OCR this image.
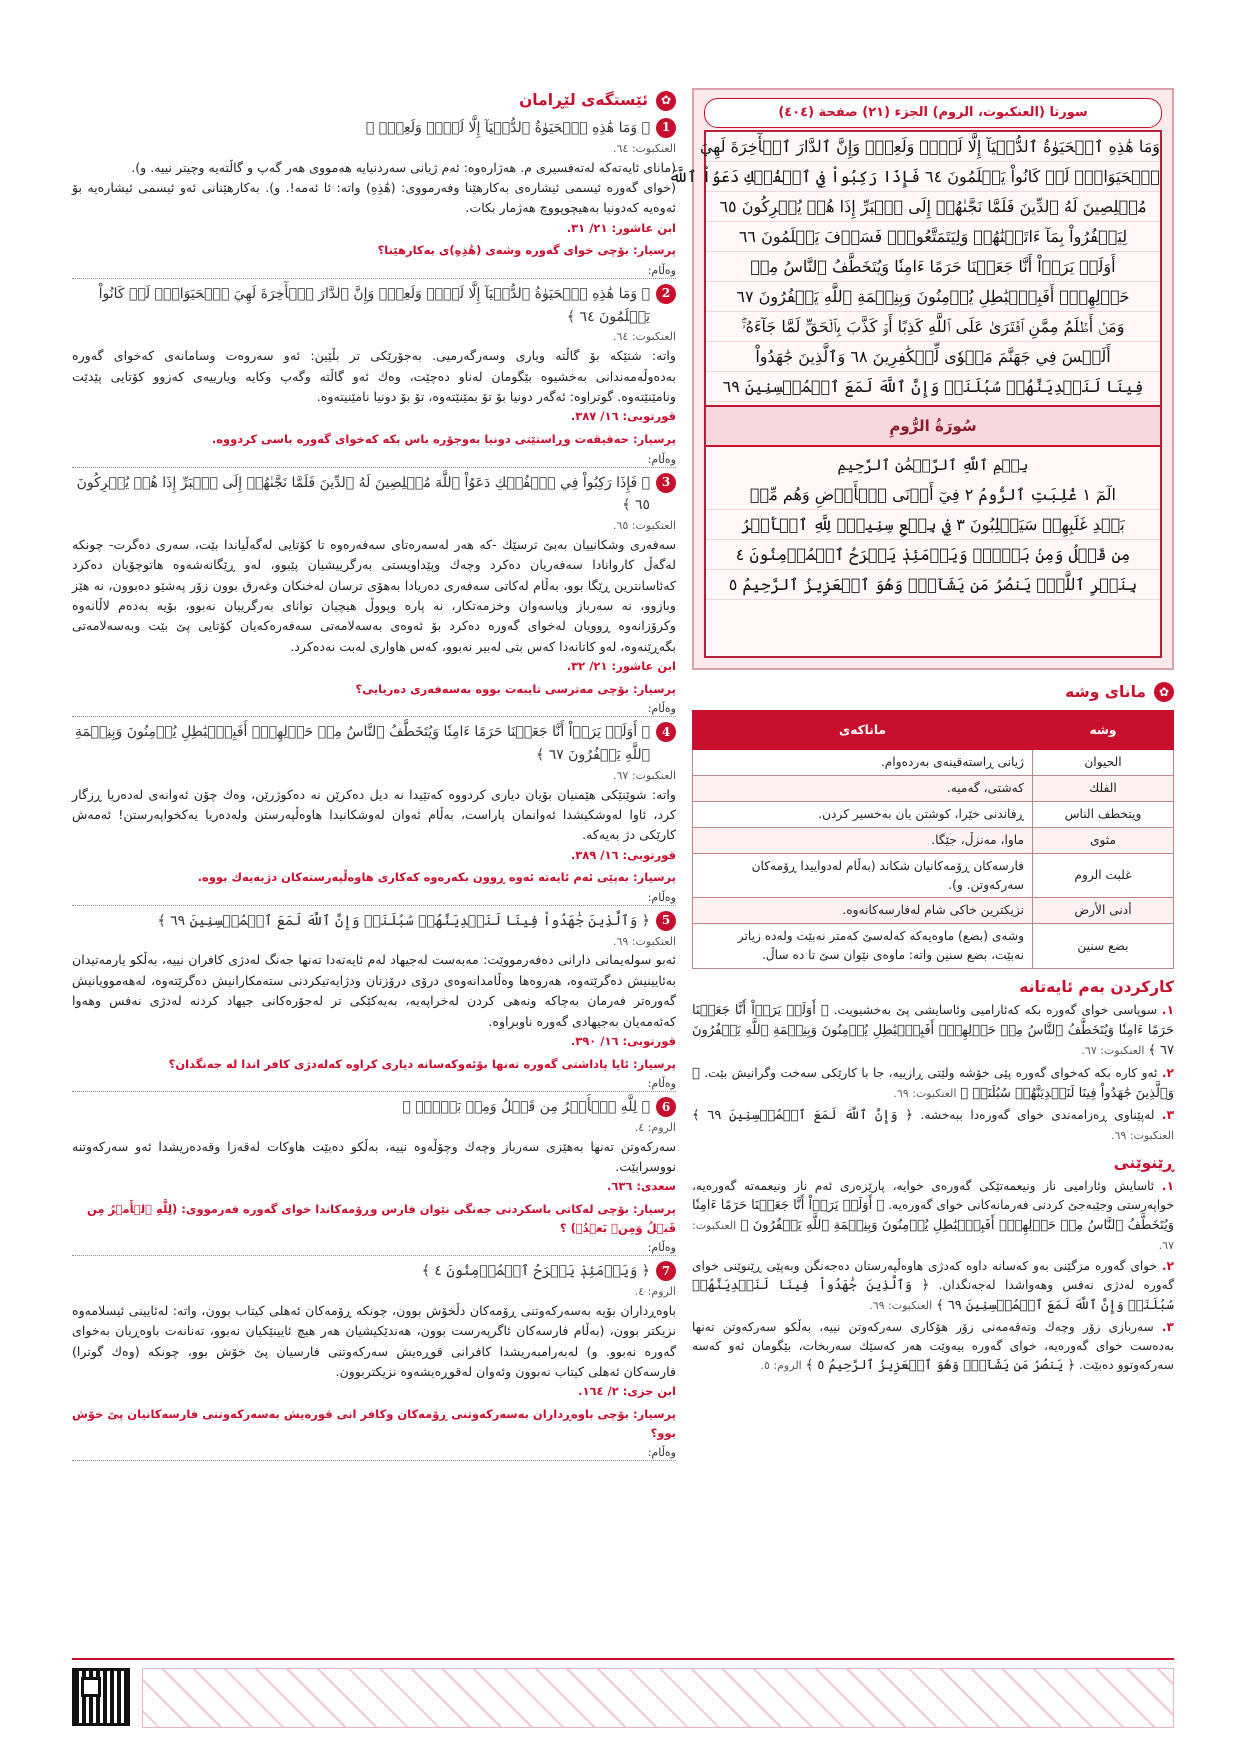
✿
ئێستگەی لێڕامان
1
﴿ وَمَا هَٰذِهِ ٱلۡحَيَوٰةُ ٱلدُّنۡيَآ إِلَّا لَهۡوٞ وَلَعِبٞۚ ﴾
العنكبوت: ٦٤.
(مانای ئایەتەکە لەتەفسیری م. هەژارەوە: ئەم ژیانی سەردنیایە هەمووی هەر گەپ و گاڵتەیە وچیتر نییە. و).
(خوای گەورە ئیسمی ئیشارەی بەکارهێنا وفەرمووی: (هَٰذِهِ) واتە: ئا ئەمە!. و). بەکارهێنانی ئەو ئیسمی ئیشارەیە بۆ ئەوەیە کەدونیا بەهیچوپووچ هەژمار بکات.
ابن عاشور: ٢١/ ٣١.
پرسیار: بۆچی خوای گەورە وشەی (هَٰذِهِ)ی بەکارهێنا؟
وەڵام:
2
﴿ وَمَا هَٰذِهِ ٱلۡحَيَوٰةُ ٱلدُّنۡيَآ إِلَّا لَهۡوٞ وَلَعِبٞۚ وَإِنَّ ٱلدَّارَ ٱلۡأٓخِرَةَ لَهِيَ ٱلۡحَيَوَانُۚ لَوۡ كَانُواْ يَعۡلَمُونَ ٦٤ ﴾
العنكبوت: ٦٤.
واتە: شتێکە بۆ گاڵتە ویاری وسەرگەرمیی. بەجۆرێکی تر بڵێین: ئەو سەروەت وسامانەی کەخوای گەورە بەدەوڵەمەندانی بەخشیوە بێگومان لەناو دەچێت، وەك ئەو گاڵتە وگەپ وکایە ویارییەی کەزوو کۆتایی پێدێت ونامێنێتەوە. گوتراوە: ئەگەر دونیا بۆ تۆ بمێنێتەوە، تۆ بۆ دونیا نامێنیتەوە.
قورتوبی: ١٦/ ٣٨٧.
پرسیار: حەقیقەت وڕاستێتی دونیا بەوجۆرە باس بکە کەخوای گەورە باسی کردووە.
وەڵام:
3
﴿ فَإِذَا رَكِبُواْ فِي ٱلۡفُلۡكِ دَعَوُاْ ٱللَّهَ مُخۡلِصِينَ لَهُ ٱلدِّينَ فَلَمَّا نَجَّىٰهُمۡ إِلَى ٱلۡبَرِّ إِذَا هُمۡ يُشۡرِكُونَ ٦٥ ﴾
العنكبوت: ٦٥.
سەفەری وشکانییان بەبێ ترسێك -کە هەر لەسەرەتای سەفەرەوە تا کۆتایی لەگەڵیاندا بێت، سەری دەگرت- چونکە لەگەڵ کاروانادا سەفەریان دەکرد وچەك وپێداویستی بەرگرییشیان پێبوو، لەو ڕێگانەشەوە هاتوچۆیان دەکرد کەئاسانترین ڕێگا بوو، بەڵام لەکاتی سەفەری دەریادا بەهۆی ترسان لەخنکان وغەرق بوون زۆر پەشێو دەبوون، نە هێز وبازوو، نە سەرباز وپاسەوان وخزمەتکار، نە پارە وپووڵ هیچیان توانای بەرگرییان نەبوو، بۆیە بەدەم لاڵانەوە وکرۆزانەوە ڕوویان لەخوای گەورە دەکرد بۆ ئەوەی بەسەلامەتی سەفەرەکەیان کۆتایی پێ بێت وبەسەلامەتی بگەڕێنەوە، لەو کاتانەدا کەس بتی لەبیر نەبوو، کەس هاواری لەبت نەدەکرد.
ابن عاشور: ٢١/ ٣٢.
پرسیار: بۆچی مەترسی تایبەت بووە بەسەفەری دەریایی؟
وەڵام:
4
﴿ أَوَلَمۡ يَرَوۡاْ أَنَّا جَعَلۡنَا حَرَمًا ءَامِنٗا وَيُتَخَطَّفُ ٱلنَّاسُ مِنۡ حَوۡلِهِمۡۚ أَفَبِٱلۡبَٰطِلِ يُؤۡمِنُونَ وَبِنِعۡمَةِ ٱللَّهِ يَكۡفُرُونَ ٦٧ ﴾
العنكبوت: ٦٧.
واتە: شوێنێکی هێمنیان بۆیان دیاری کردووە کەتێیدا نە دیل دەکرێن نە دەکوژرێن، وەك چۆن ئەوانەی لەدەریا ڕزگار کرد، ئاوا لەوشکیشدا ئەوانمان پاراست، بەڵام ئەوان لەوشکانیدا هاوەڵپەرستن ولەدەریا یەکخواپەرستن! ئەمەش کارێکی دژ بەیەکە.
قورتوبی: ١٦/ ٣٨٩.
پرسیار: بەپێی ئەم ئایەتە ئەوە ڕوون بکەرەوە کەکاری هاوەڵپەرستەکان دژبەیەك بووە.
وەڵام:
5
﴿ وَٱلَّذِينَ جَٰهَدُواْ فِينَا لَنَهۡدِيَنَّهُمۡ سُبُلَنَاۚ وَإِنَّ ٱللَّهَ لَمَعَ ٱلۡمُحۡسِنِينَ ٦٩ ﴾
العنكبوت: ٦٩.
ئەبو سولەیمانی دارانی دەفەرمووێت: مەبەست لەجیهاد لەم ئایەتەدا تەنها جەنگ لەدژی کافران نییە، بەڵکو یارمەتیدان بەئایینیش دەگرێتەوە، هەروەها وەڵامدانەوەی درۆی درۆزنان ودژایەتیکردنی ستەمکارانیش دەگرێتەوە، لەهەموویانیش گەورەتر فەرمان بەچاکە ونەهی کردن لەخراپەیە، بەیەکێکی تر لەجۆرەکانی جیهاد کردنە لەدژی نەفس وهەوا کەئەمەیان بەجیهادی گەورە ناوبراوە.
قورتوبی: ١٦/ ٣٩٠.
پرسیار: ئایا پاداشتی گەورە تەنها بۆئەوکەسانە دیاری کراوە کەلەدژی کافر اندا لە جەنگدان؟
وەڵام:
6
﴿ لِلَّهِ ٱلۡأَمۡرُ مِن قَبۡلُ وَمِنۢ بَعۡدُۚ ﴾
الروم: ٤.
سەرکەوتن تەنها بەهێزی سەرباز وچەك وچۆڵەوە نییە، بەڵکو دەبێت هاوکات لەقەزا وقەدەریشدا ئەو سەرکەوتنە نووسرابێت.
سعدی: ٦٣٦.
پرسیار: بۆچی لەکاتی باسکردنی جەنگی نێوان فارس وڕۆمەکاندا خوای گەورە فەرمووی: (لِلَّهِ ٱلۡأَمۡرُ مِن قَبۡلُ وَمِنۢ بَعۡدُۚ) ؟
وەڵام:
7
﴿ وَيَوۡمَئِذٖ يَفۡرَحُ ٱلۡمُؤۡمِنُونَ ٤ ﴾
الروم: ٤.
باوەڕداران بۆیە بەسەرکەوتنی ڕۆمەکان دڵخۆش بوون، چونکە ڕۆمەکان ئەهلی کیتاب بوون، واتە: لەئایینی ئیسلامەوە نزیکتر بوون، (بەڵام فارسەکان ئاگرپەرست بوون، هەندێکیشیان هەر هیچ ئایینێکیان نەبوو، تەنانەت باوەڕیان بەخوای گەورە نەبوو. و) لەبەرامبەریشدا کافرانی قوڕەیش سەرکەوتنی فارسیان پێ خۆش بوو، چونکە (وەك گوترا) فارسەکان ئەهلی کیتاب نەبوون وئەوان لەقوڕەیشەوە نزیکتربوون.
ابن جزی: ٢/ ١٦٤.
پرسیار: بۆچی باوەڕداران بەسەرکەوتنی ڕۆمەکان وکافر انی قورەیش بەسەرکەوتنی فارسەکانیان پێ خۆش بوو؟
وەڵام:
سورتا (العنكبوت، الروم) الجزء (٢١) صفحة (٤٠٤)
وَمَا هَٰذِهِ ٱلۡحَيَوٰةُ ٱلدُّنۡيَآ إِلَّا لَهۡوٞ وَلَعِبٞۚ وَإِنَّ ٱلدَّارَ ٱلۡأٓخِرَةَ لَهِيَ
ٱلۡحَيَوَانُۚ لَوۡ كَانُواْ يَعۡلَمُونَ ٦٤ فَإِذَا رَكِبُواْ فِي ٱلۡفُلۡكِ دَعَوُاْ ٱللَّهَ
مُخۡلِصِينَ لَهُ ٱلدِّينَ فَلَمَّا نَجَّىٰهُمۡ إِلَى ٱلۡبَرِّ إِذَا هُمۡ يُشۡرِكُونَ ٦٥
لِيَكۡفُرُواْ بِمَآ ءَاتَيۡنَٰهُمۡ وَلِيَتَمَتَّعُواْۚ فَسَوۡفَ يَعۡلَمُونَ ٦٦
أَوَلَمۡ يَرَوۡاْ أَنَّا جَعَلۡنَا حَرَمًا ءَامِنٗا وَيُتَخَطَّفُ ٱلنَّاسُ مِنۡ
حَوۡلِهِمۡۚ أَفَبِٱلۡبَٰطِلِ يُؤۡمِنُونَ وَبِنِعۡمَةِ ٱللَّهِ يَكۡفُرُونَ ٦٧
وَمَنۡ أَظۡلَمُ مِمَّنِ ٱفۡتَرَىٰ عَلَى ٱللَّهِ كَذِبًا أَوۡ كَذَّبَ بِٱلۡحَقِّ لَمَّا جَآءَهُۥٓۚ
أَلَيۡسَ فِي جَهَنَّمَ مَثۡوٗى لِّلۡكَٰفِرِينَ ٦٨ وَٱلَّذِينَ جَٰهَدُواْ
فِينَا لَنَهۡدِيَنَّهُمۡ سُبُلَنَاۚ وَإِنَّ ٱللَّهَ لَمَعَ ٱلۡمُحۡسِنِينَ ٦٩
سُورَةُ الرُّومِ
بِسۡمِ ٱللَّهِ ٱلرَّحۡمَٰنِ ٱلرَّحِيمِ
الٓمٓ ١ غُلِبَتِ ٱلرُّومُ ٢ فِيٓ أَدۡنَى ٱلۡأَرۡضِ وَهُم مِّنۢ
بَعۡدِ غَلَبِهِمۡ سَيَغۡلِبُونَ ٣ فِي بِضۡعِ سِنِينَۗ لِلَّهِ ٱلۡأَمۡرُ
مِن قَبۡلُ وَمِنۢ بَعۡدُۚ وَيَوۡمَئِذٖ يَفۡرَحُ ٱلۡمُؤۡمِنُونَ ٤
بِنَصۡرِ ٱللَّهِۚ يَنصُرُ مَن يَشَآءُۖ وَهُوَ ٱلۡعَزِيزُ ٱلرَّحِيمُ ٥
✿
مانای وشە
وشە	ماناکەی
الحيوان	ژیانی ڕاستەقینەی بەردەوام.
الفلك	کەشتی، گەمیە.
ويتخطف الناس	ڕفاندنی خێرا، کوشتن یان بەخسیر کردن.
مثوى	ماوا، مەنزڵ، جێگا.
غلبت الروم	فارسەکان ڕۆمەکانیان شکاند (بەڵام لەدوایيدا ڕۆمەکان سەرکەوتن. و).
أدنى الأرض	نزیکترین خاکی شام لەفارسەکانەوە.
بضع سنين	وشەی (بضع) ماوەیەکە کەلەسێ کەمتر نەبێت ولەدە زیاتر نەبێت، بضع سنين واتە: ماوەی نێوان سێ تا دە ساڵ.
کارکردن بەم ئایەتانە
١. سوپاسی خوای گەورە بکە کەئارامیی وئاسایشی پێ بەخشیویت. ﴿ أَوَلَمۡ يَرَوۡاْ أَنَّا جَعَلۡنَا حَرَمًا ءَامِنٗا وَيُتَخَطَّفُ ٱلنَّاسُ مِنۡ حَوۡلِهِمۡۚ أَفَبِٱلۡبَٰطِلِ يُؤۡمِنُونَ وَبِنِعۡمَةِ ٱللَّهِ يَكۡفُرُونَ ٦٧ ﴾ العنكبوت: ٦٧.
٢. ئەو کارە بکە کەخوای گەورە پێی خۆشە ولێتی ڕازییە، جا با کارێکی سەخت وگرانیش بێت. ﴿ وَٱلَّذِينَ جَٰهَدُواْ فِينَا لَنَهۡدِيَنَّهُمۡ سُبُلَنَاۚ ﴾ العنكبوت: ٦٩.
٣. لەپێناوی ڕەزامەندی خوای گەورەدا ببەخشە. ﴿ وَإِنَّ ٱللَّهَ لَمَعَ ٱلۡمُحۡسِنِينَ ٦٩ ﴾ العنكبوت: ٦٩.
ڕێنوێنی
١. ئاسایش وئارامیی ناز ونیعمەتێکی گەورەی خوایە، پارێزەری ئەم ناز ونیعمەتە گەورەیە، خواپەرستی وجێبەجێ کردنی فەرمانەکانی خوای گەورەیە. ﴿ أَوَلَمۡ يَرَوۡاْ أَنَّا جَعَلۡنَا حَرَمًا ءَامِنٗا وَيُتَخَطَّفُ ٱلنَّاسُ مِنۡ حَوۡلِهِمۡۚ أَفَبِٱلۡبَٰطِلِ يُؤۡمِنُونَ وَبِنِعۡمَةِ ٱللَّهِ يَكۡفُرُونَ ﴾ العنكبوت: ٦٧.
٢. خوای گەورە مزگێنی بەو کەسانە داوە کەدژی هاوەڵپەرستان دەجەنگن وبەپێی ڕێنوێنی خوای گەورە لەدژی نەفس وهەواشدا لەجەنگدان. ﴿ وَٱلَّذِينَ جَٰهَدُواْ فِينَا لَنَهۡدِيَنَّهُمۡ سُبُلَنَاۚ وَإِنَّ ٱللَّهَ لَمَعَ ٱلۡمُحۡسِنِينَ ٦٩ ﴾ العنكبوت: ٦٩.
٣. سەربازی زۆر وچەك وتەقەمەنی زۆر هۆکاری سەرکەوتن نییە، بەڵکو سەرکەوتن تەنها بەدەست خوای گەورەیە، خوای گەورە بیەوێت هەر کەسێك سەربخات، بێگومان ئەو کەسە سەرکەوتوو دەبێت. ﴿ يَنصُرُ مَن يَشَآءُۖ وَهُوَ ٱلۡعَزِيزُ ٱلرَّحِيمُ ٥ ﴾ الروم: ٥.
